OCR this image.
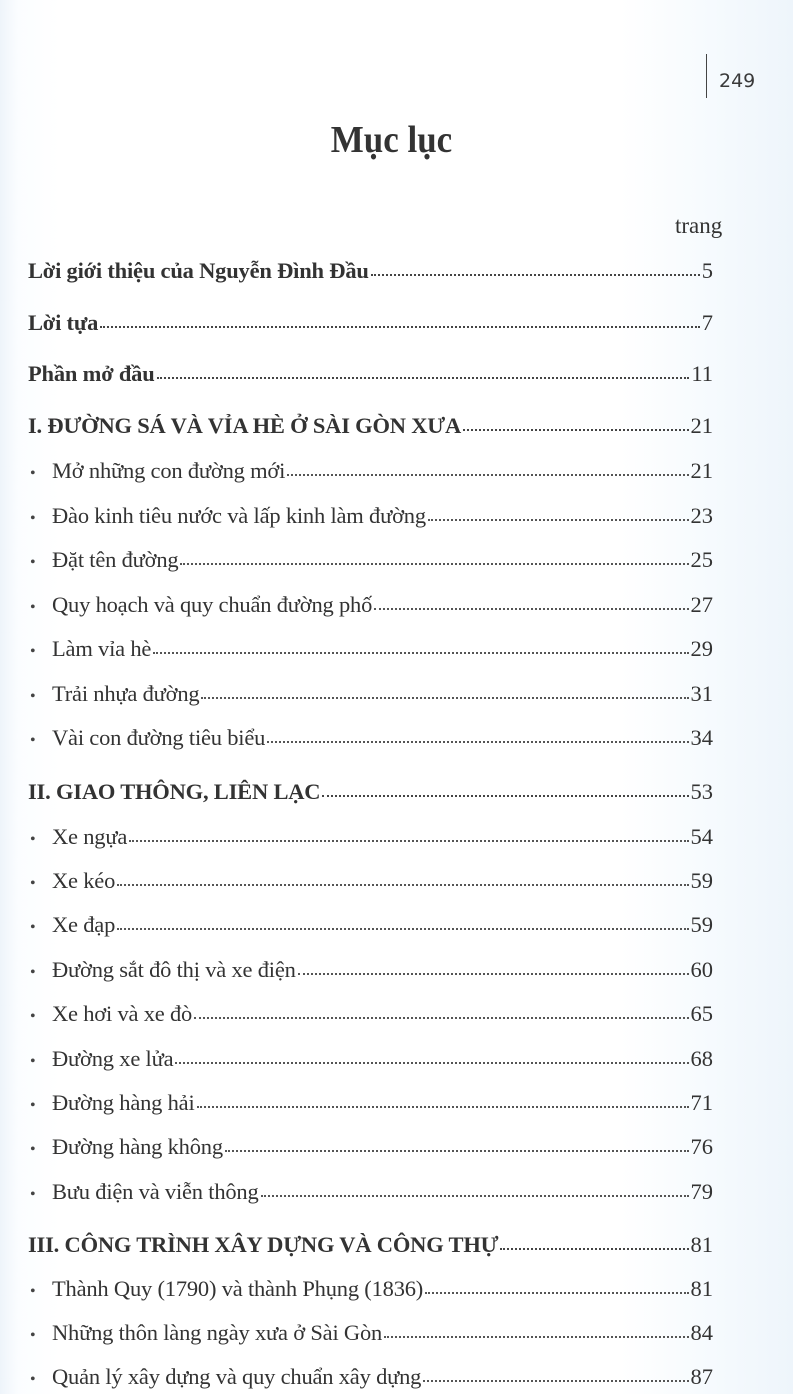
249
Mục lục
trang
Lời giới thiệu của Nguyễn Đình Đầu	5
Lời tựa	7
Phần mở đầu	11
I. ĐƯỜNG SÁ VÀ VỈA HÈ Ở SÀI GÒN XƯA	21
• Mở những con đường mới	21
• Đào kinh tiêu nước và lấp kinh làm đường	23
• Đặt tên đường	25
• Quy hoạch và quy chuẩn đường phố	27
• Làm vỉa hè	29
• Trải nhựa đường	31
• Vài con đường tiêu biểu	34
II. GIAO THÔNG, LIÊN LẠC	53
• Xe ngựa	54
• Xe kéo	59
• Xe đạp	59
• Đường sắt đô thị và xe điện	60
• Xe hơi và xe đò	65
• Đường xe lửa	68
• Đường hàng hải	71
• Đường hàng không	76
• Bưu điện và viễn thông	79
III. CÔNG TRÌNH XÂY DỰNG VÀ CÔNG THỰ	81
• Thành Quy (1790) và thành Phụng (1836)	81
• Những thôn làng ngày xưa ở Sài Gòn	84
• Quản lý xây dựng và quy chuẩn xây dựng	87
